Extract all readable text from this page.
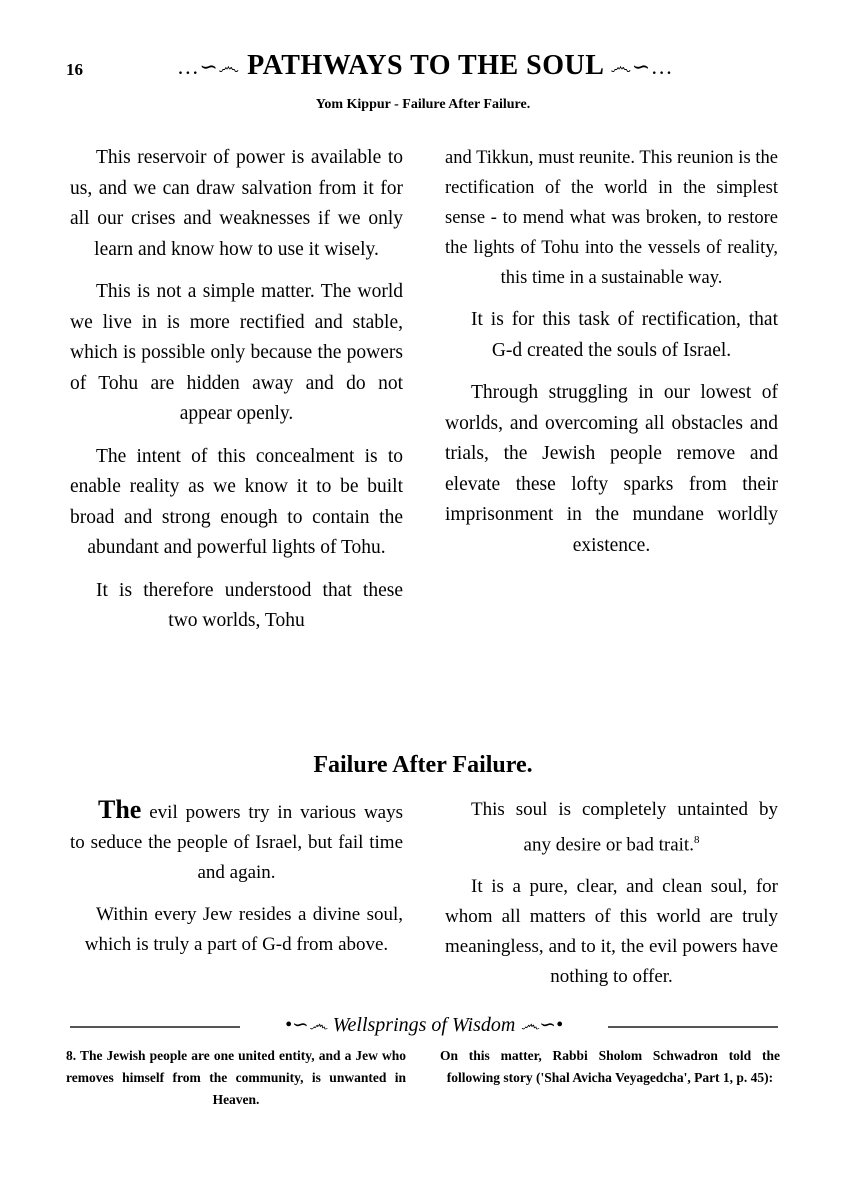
16	…∽෴ PATHWAYS TO THE SOUL ෴∽…
Yom Kippur - Failure After Failure.

This reservoir of power is available to us, and we can draw salvation from it for all our crises and weaknesses if we only learn and know how to use it wisely.

This is not a simple matter. The world we live in is more rectified and stable, which is possible only because the powers of Tohu are hidden away and do not appear openly.

The intent of this concealment is to enable reality as we know it to be built broad and strong enough to contain the abundant and powerful lights of Tohu.

It is therefore understood that these two worlds, Tohu

and Tikkun, must reunite. This reunion is the rectification of the world in the simplest sense - to mend what was broken, to restore the lights of Tohu into the vessels of reality, this time in a sustainable way.

It is for this task of rectification, that G-d created the souls of Israel.

Through struggling in our lowest of worlds, and overcoming all obstacles and trials, the Jewish people remove and elevate these lofty sparks from their imprisonment in the mundane worldly existence.

Failure After Failure.

The evil powers try in various ways to seduce the people of Israel, but fail time and again.

Within every Jew resides a divine soul, which is truly a part of G-d from above.

This soul is completely untainted by any desire or bad trait.$^8$

It is a pure, clear, and clean soul, for whom all matters of this world are truly meaningless, and to it, the evil powers have nothing to offer.

•∽෴ Wellsprings of Wisdom ෴∽•
8. The Jewish people are one united entity, and a Jew who removes himself from the community, is unwanted in Heaven.
On this matter, Rabbi Sholom Schwadron told the following story ('Shal Avicha Veyagedcha', Part 1, p. 45):
